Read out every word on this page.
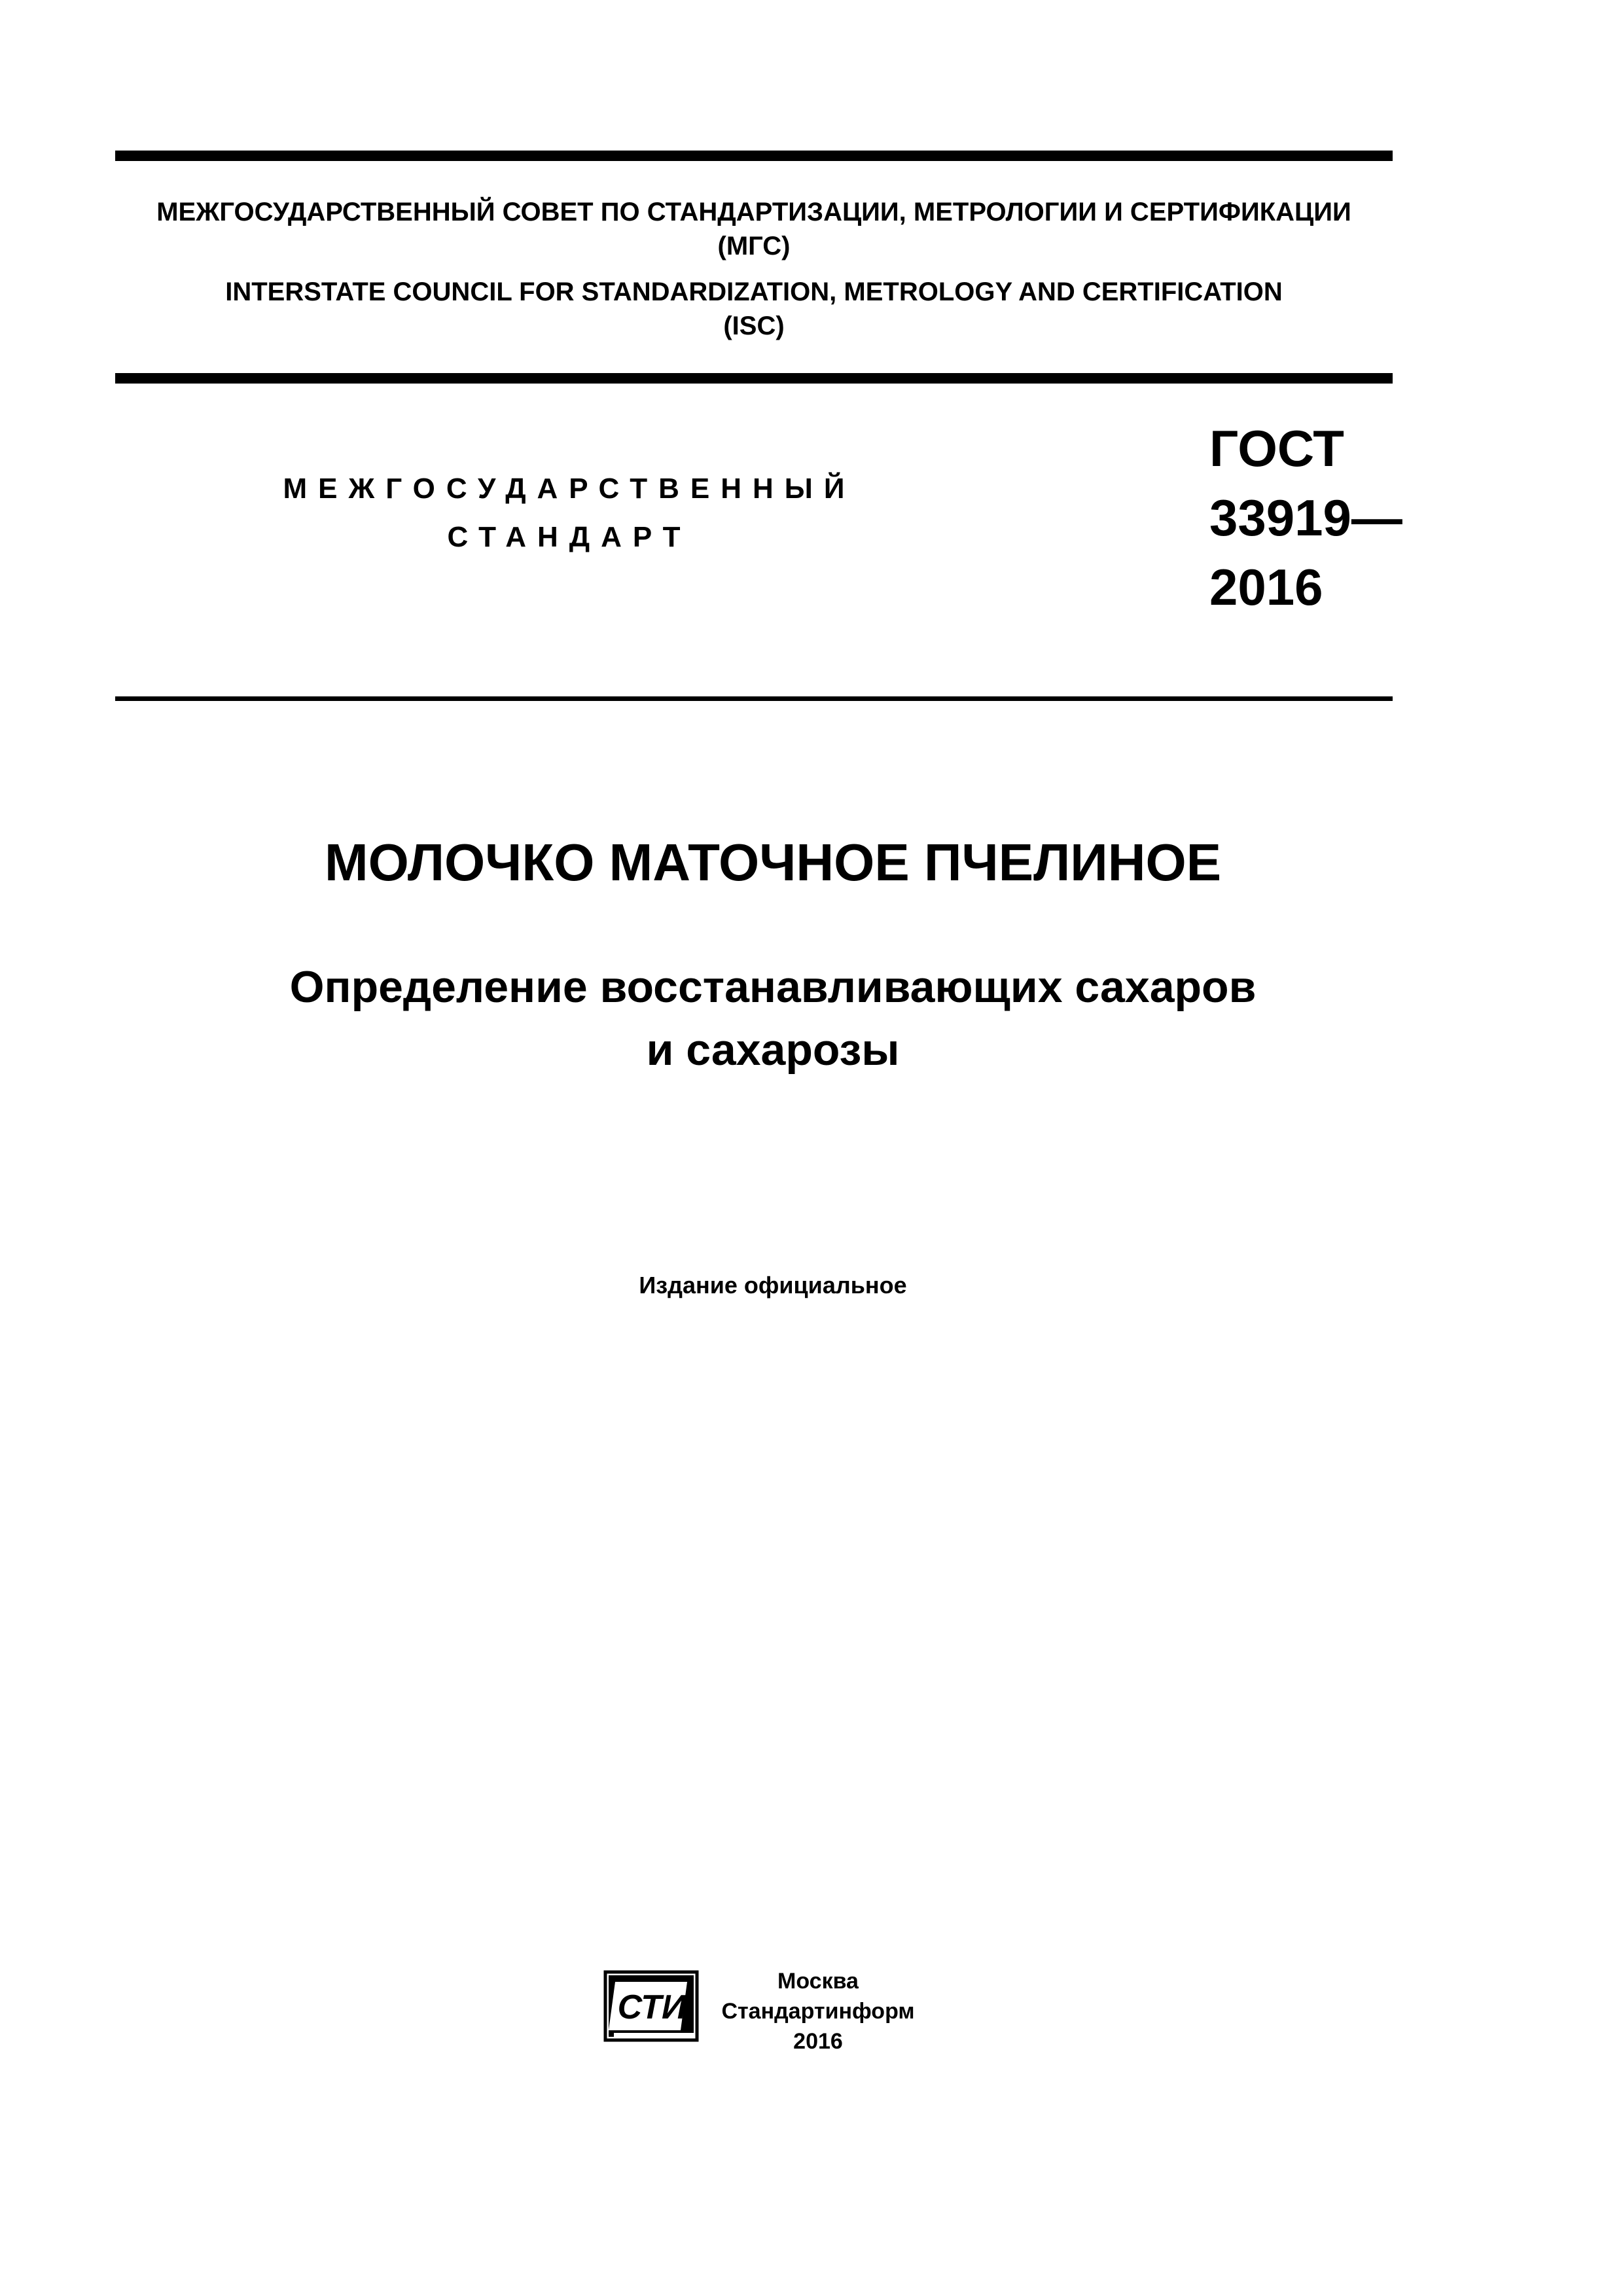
МЕЖГОСУДАРСТВЕННЫЙ СОВЕТ ПО СТАНДАРТИЗАЦИИ, МЕТРОЛОГИИ И СЕРТИФИКАЦИИ
(МГС)
INTERSTATE COUNCIL FOR STANDARDIZATION, METROLOGY AND CERTIFICATION
(ISC)
МЕЖГОСУДАРСТВЕННЫЙ
СТАНДАРТ
ГОСТ
33919—
2016
МОЛОЧКО МАТОЧНОЕ ПЧЕЛИНОЕ
Определение восстанавливающих сахаров
и сахарозы
Издание официальное
СТИ
Москва
Стандартинформ
2016
